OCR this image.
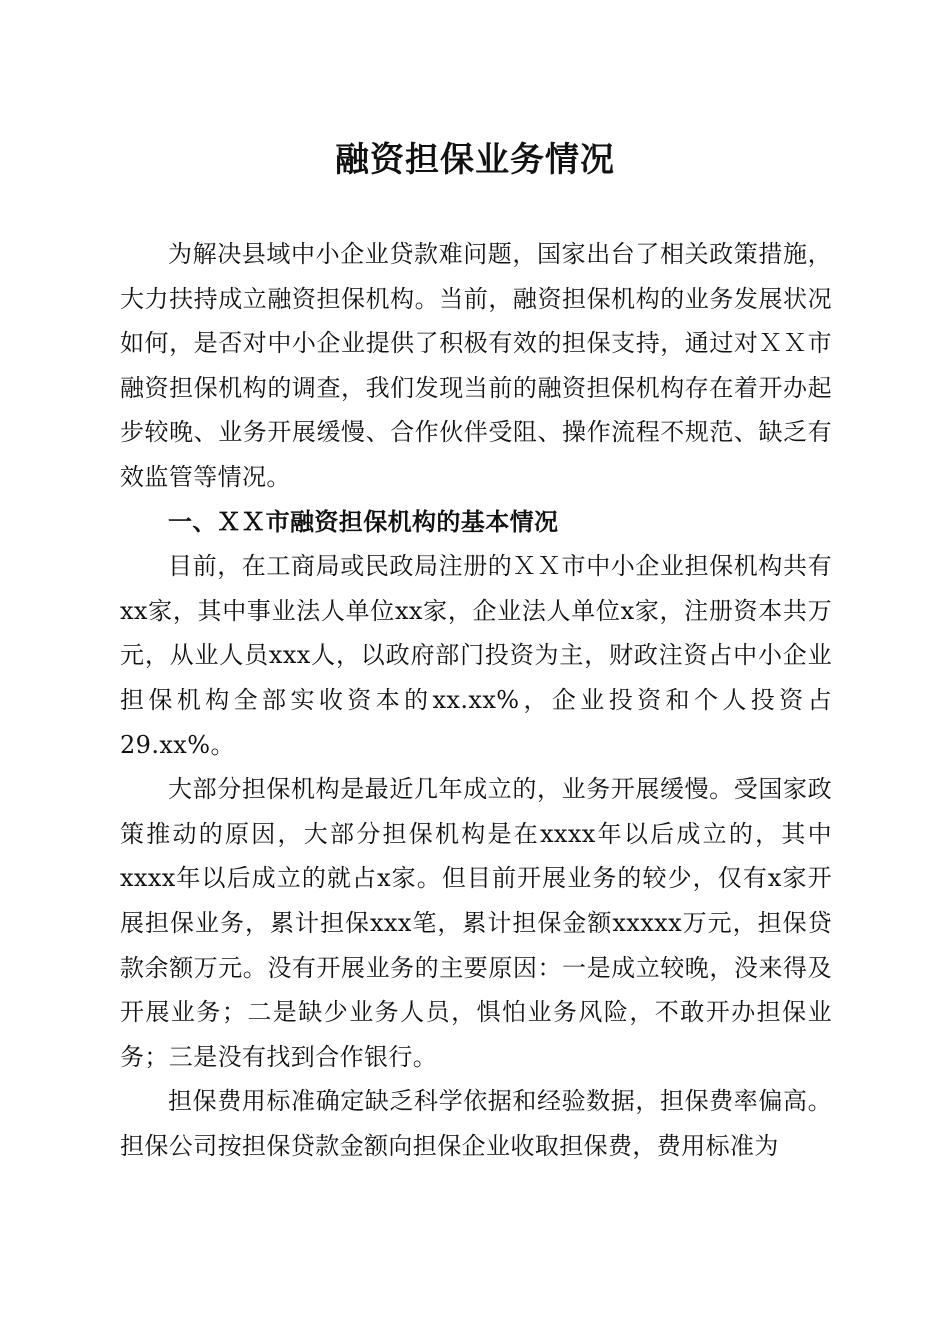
融资担保业务情况

为解决县域中小企业贷款难问题，国家出台了相关政策措施，大力扶持成立融资担保机构。当前，融资担保机构的业务发展状况如何，是否对中小企业提供了积极有效的担保支持，通过对ＸＸ市融资担保机构的调查，我们发现当前的融资担保机构存在着开办起步较晚、业务开展缓慢、合作伙伴受阻、操作流程不规范、缺乏有效监管等情况。

一、ＸＸ市融资担保机构的基本情况

目前，在工商局或民政局注册的ＸＸ市中小企业担保机构共有xx家，其中事业法人单位xx家，企业法人单位x家，注册资本共万元，从业人员xxx人，以政府部门投资为主，财政注资占中小企业担保机构全部实收资本的xx.xx%，企业投资和个人投资占29.xx%。

大部分担保机构是最近几年成立的，业务开展缓慢。受国家政策推动的原因，大部分担保机构是在xxxx年以后成立的，其中xxxx年以后成立的就占x家。但目前开展业务的较少，仅有x家开展担保业务，累计担保xxx笔，累计担保金额xxxxx万元，担保贷款余额万元。没有开展业务的主要原因：一是成立较晚，没来得及开展业务；二是缺少业务人员，惧怕业务风险，不敢开办担保业务；三是没有找到合作银行。

担保费用标准确定缺乏科学依据和经验数据，担保费率偏高。担保公司按担保贷款金额向担保企业收取担保费，费用标准为
